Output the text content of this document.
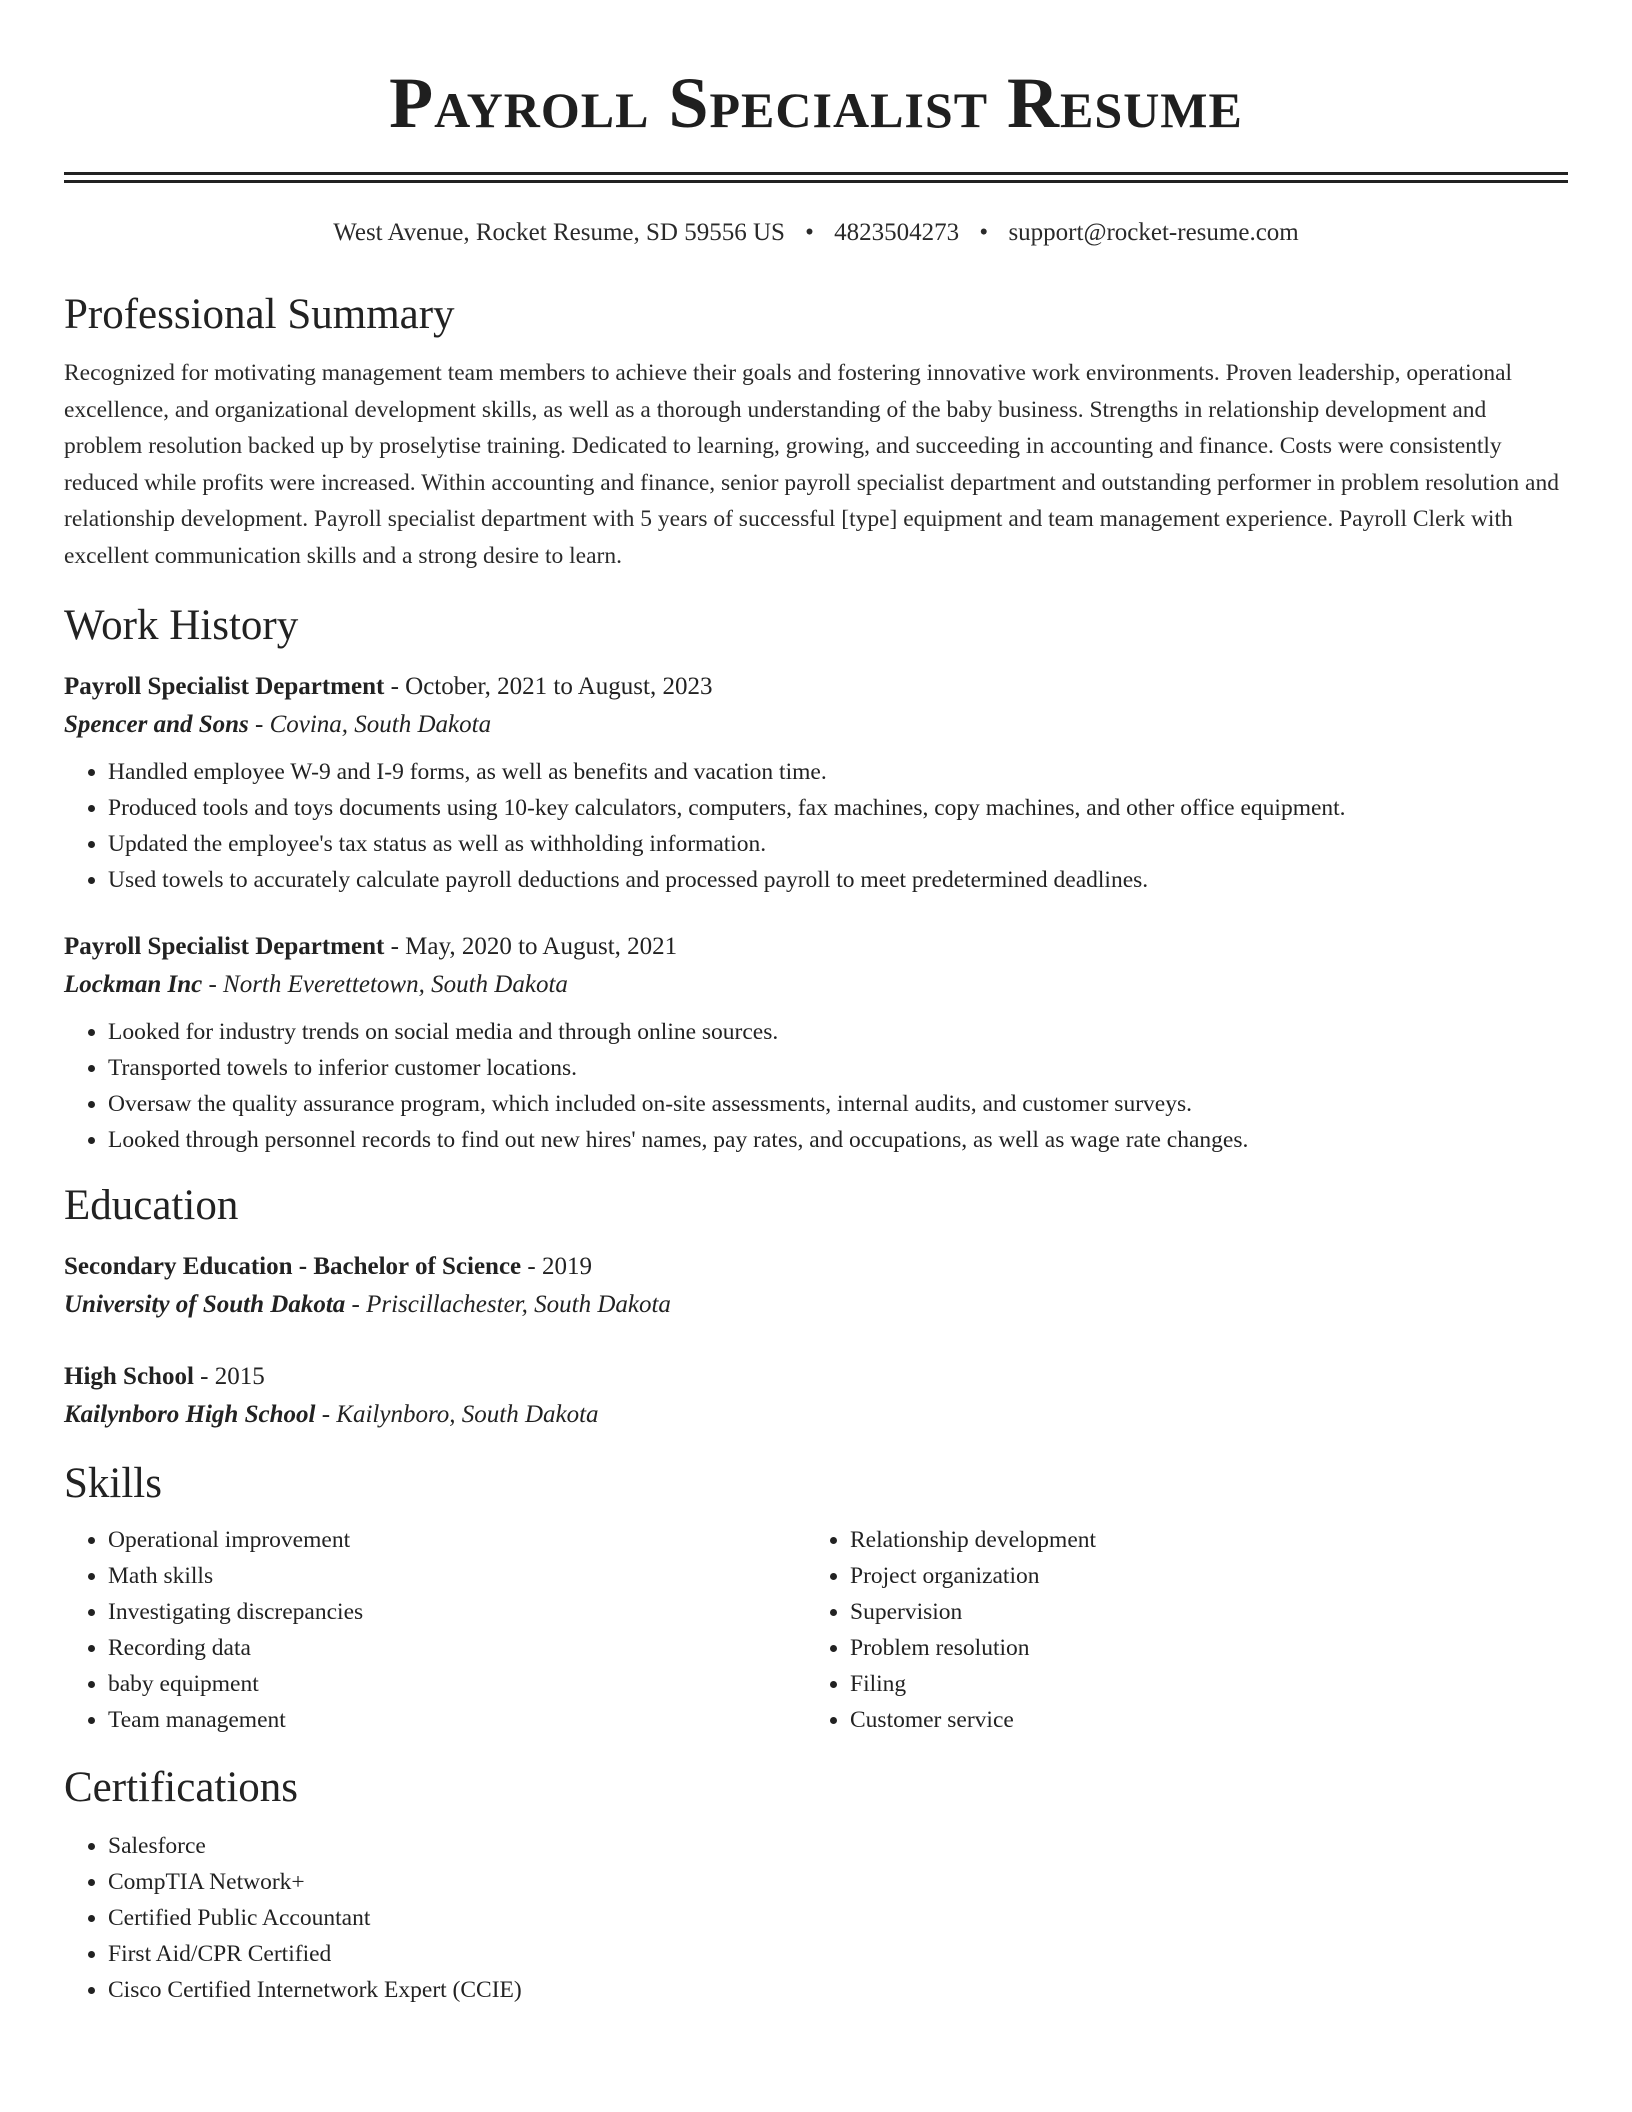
Payroll Specialist Resume
West Avenue, Rocket Resume, SD 59556 US • 4823504273 • support@rocket-resume.com
Professional Summary

Recognized for motivating management team members to achieve their goals and fostering innovative work environments. Proven leadership, operational excellence, and organizational development skills, as well as a thorough understanding of the baby business. Strengths in relationship development and problem resolution backed up by proselytise training. Dedicated to learning, growing, and succeeding in accounting and finance. Costs were consistently reduced while profits were increased. Within accounting and finance, senior payroll specialist department and outstanding performer in problem resolution and relationship development. Payroll specialist department with 5 years of successful [type] equipment and team management experience. Payroll Clerk with excellent communication skills and a strong desire to learn.

Work History

Payroll Specialist Department - October, 2021 to August, 2023

Spencer and Sons - Covina, South Dakota

• Handled employee W-9 and I-9 forms, as well as benefits and vacation time.
• Produced tools and toys documents using 10-key calculators, computers, fax machines, copy machines, and other office equipment.
• Updated the employee's tax status as well as withholding information.
• Used towels to accurately calculate payroll deductions and processed payroll to meet predetermined deadlines.

Payroll Specialist Department - May, 2020 to August, 2021

Lockman Inc - North Everettetown, South Dakota

• Looked for industry trends on social media and through online sources.
• Transported towels to inferior customer locations.
• Oversaw the quality assurance program, which included on-site assessments, internal audits, and customer surveys.
• Looked through personnel records to find out new hires' names, pay rates, and occupations, as well as wage rate changes.
Education

Secondary Education - Bachelor of Science - 2019

University of South Dakota - Priscillachester, South Dakota

High School - 2015

Kailynboro High School - Kailynboro, South Dakota

Skills
• Operational improvement
• Math skills
• Investigating discrepancies
• Recording data
• baby equipment
• Team management
• Relationship development
• Project organization
• Supervision
• Problem resolution
• Filing
• Customer service
Certifications
• Salesforce
• CompTIA Network+
• Certified Public Accountant
• First Aid/CPR Certified
• Cisco Certified Internetwork Expert (CCIE)
